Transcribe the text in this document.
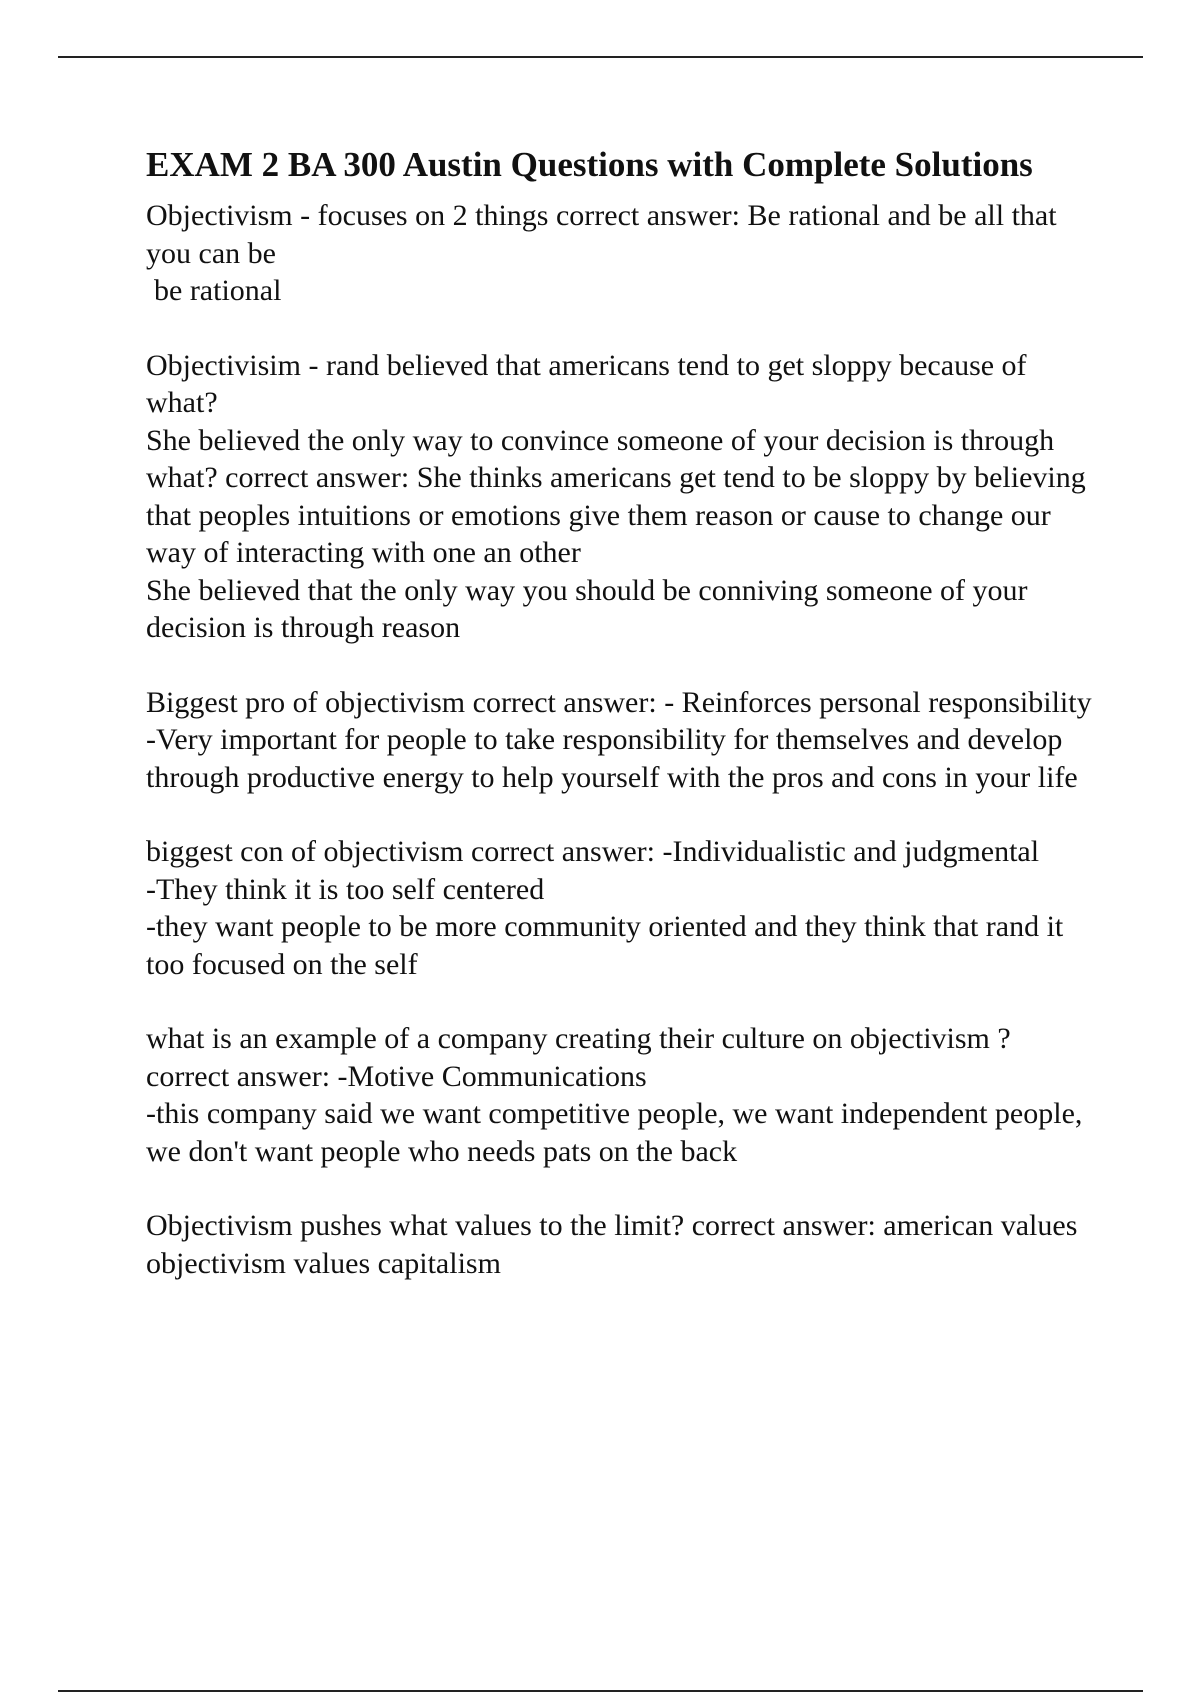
EXAM 2 BA 300 Austin Questions with Complete Solutions

Objectivism - focuses on 2 things correct answer: Be rational and be all that you can be

be rational

Objectivisim - rand believed that americans tend to get sloppy because of what?

She believed the only way to convince someone of your decision is through what? correct answer: She thinks americans get tend to be sloppy by believing that peoples intuitions or emotions give them reason or cause to change our way of interacting with one an other

She believed that the only way you should be conniving someone of your decision is through reason

Biggest pro of objectivism correct answer: - Reinforces personal responsibility

-Very important for people to take responsibility for themselves and develop through productive energy to help yourself with the pros and cons in your life

biggest con of objectivism correct answer: -Individualistic and judgmental

-They think it is too self centered

-they want people to be more community oriented and they think that rand it too focused on the self

what is an example of a company creating their culture on objectivism ? correct answer: -Motive Communications

-this company said we want competitive people, we want independent people, we don't want people who needs pats on the back

Objectivism pushes what values to the limit? correct answer: american values

objectivism values capitalism
